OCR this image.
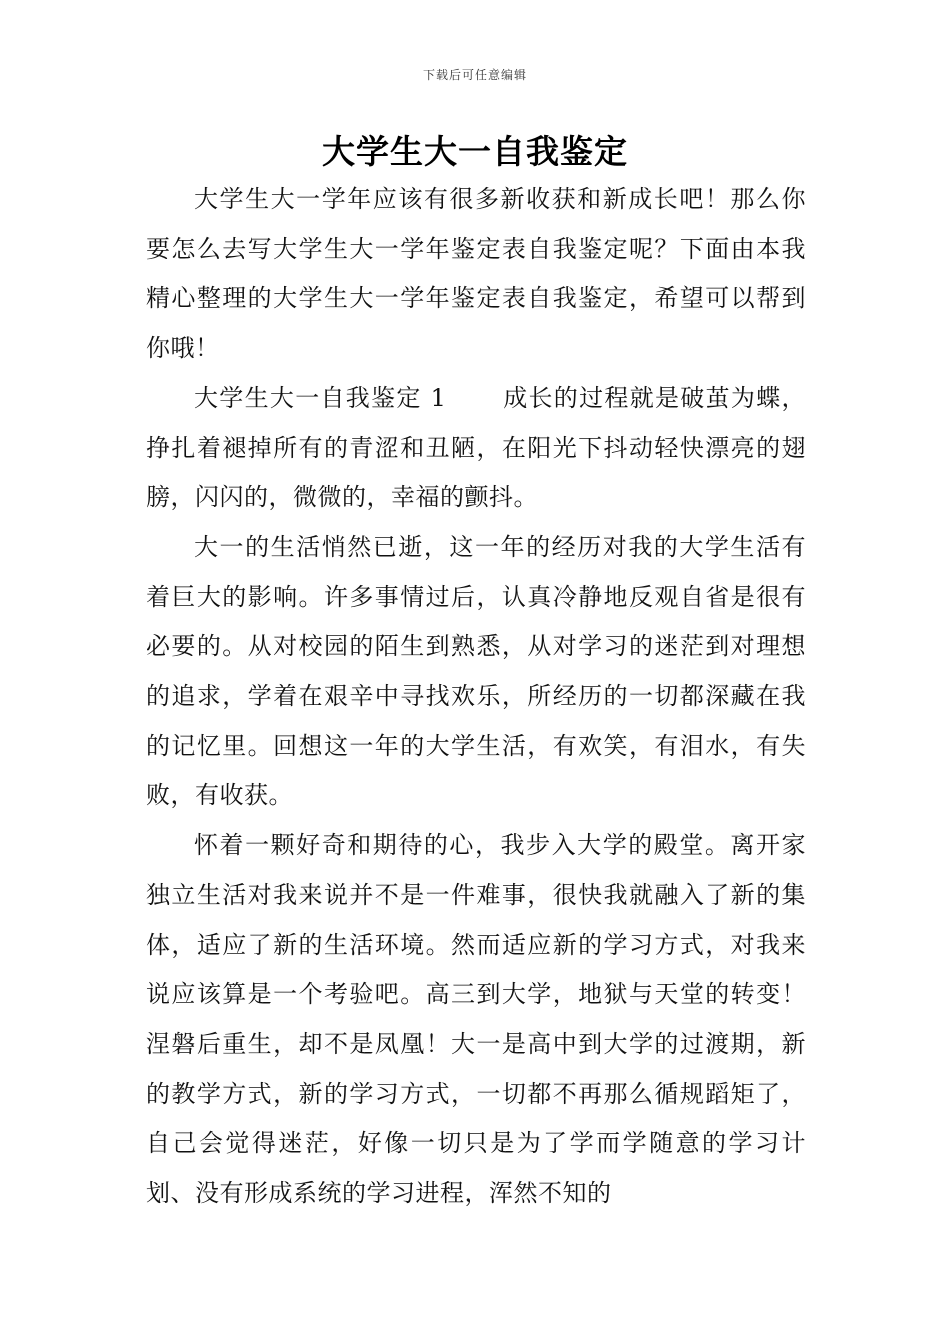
下载后可任意编辑
大学生大一自我鉴定

大学生大一学年应该有很多新收获和新成长吧！那么你要怎么去写大学生大一学年鉴定表自我鉴定呢？下面由本我精心整理的大学生大一学年鉴定表自我鉴定，希望可以帮到你哦！

大学生大一自我鉴定 1 成长的过程就是破茧为蝶，挣扎着褪掉所有的青涩和丑陋，在阳光下抖动轻快漂亮的翅膀，闪闪的，微微的，幸福的颤抖。

大一的生活悄然已逝，这一年的经历对我的大学生活有着巨大的影响。许多事情过后，认真冷静地反观自省是很有必要的。从对校园的陌生到熟悉，从对学习的迷茫到对理想的追求，学着在艰辛中寻找欢乐，所经历的一切都深藏在我的记忆里。回想这一年的大学生活，有欢笑，有泪水，有失败，有收获。

怀着一颗好奇和期待的心，我步入大学的殿堂。离开家独立生活对我来说并不是一件难事，很快我就融入了新的集体，适应了新的生活环境。然而适应新的学习方式，对我来说应该算是一个考验吧。高三到大学，地狱与天堂的转变！涅磐后重生，却不是凤凰！大一是高中到大学的过渡期，新的教学方式，新的学习方式，一切都不再那么循规蹈矩了，自己会觉得迷茫，好像一切只是为了学而学随意的学习计划、没有形成系统的学习进程，浑然不知的
